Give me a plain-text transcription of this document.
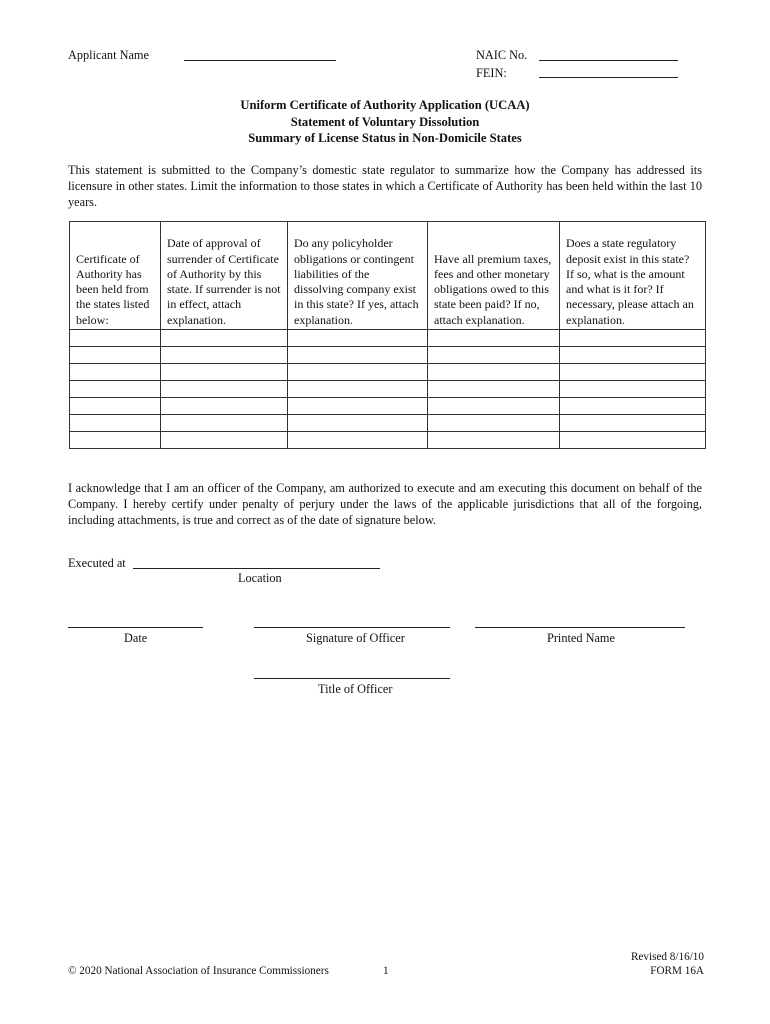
Applicant Name	NAIC No.
FEIN:
Uniform Certificate of Authority Application (UCAA)
Statement of Voluntary Dissolution
Summary of License Status in Non-Domicile States
This statement is submitted to the Company’s domestic state regulator to summarize how the Company has addressed its licensure in other states. Limit the information to those states in which a Certificate of Authority has been held within the last 10 years.
Certificate of Authority has been held from the states listed below:	Date of approval of surrender of Certificate of Authority by this state. If surrender is not in effect, attach explanation.	Do any policyholder obligations or contingent liabilities of the dissolving company exist in this state? If yes, attach explanation.	Have all premium taxes, fees and other monetary obligations owed to this state been paid? If no, attach explanation.	Does a state regulatory deposit exist in this state? If so, what is the amount and what is it for? If necessary, please attach an explanation.

I acknowledge that I am an officer of the Company, am authorized to execute and am executing this document on behalf of the Company. I hereby certify under penalty of perjury under the laws of the applicable jurisdictions that all of the forgoing, including attachments, is true and correct as of the date of signature below.
Executed at
Location
Date	Signature of Officer	Printed Name
Title of Officer
© 2020 National Association of Insurance Commissioners	1
Revised 8/16/10
FORM 16A
